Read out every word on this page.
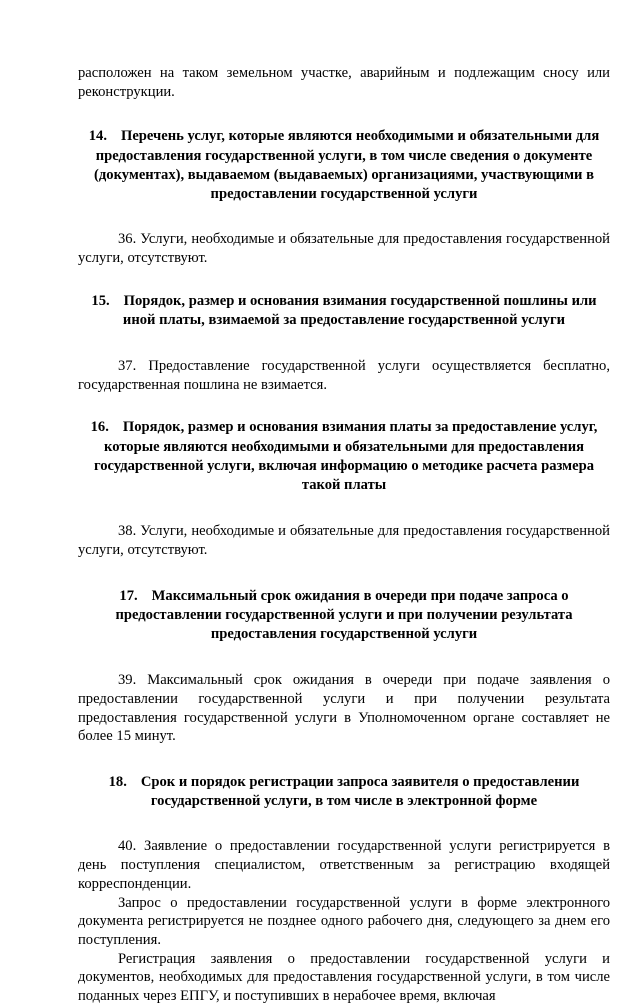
расположен на таком земельном участке, аварийным и подлежащим сносу или реконструкции.

14. Перечень услуг, которые являются необходимыми и обязательными для предоставления государственной услуги, в том числе сведения о документе (документах), выдаваемом (выдаваемых) организациями, участвующими в предоставлении государственной услуги

36. Услуги, необходимые и обязательные для предоставления государственной услуги, отсутствуют.

15. Порядок, размер и основания взимания государственной пошлины или иной платы, взимаемой за предоставление государственной услуги

37. Предоставление государственной услуги осуществляется бесплатно, государственная пошлина не взимается.

16. Порядок, размер и основания взимания платы за предоставление услуг, которые являются необходимыми и обязательными для предоставления государственной услуги, включая информацию о методике расчета размера такой платы

38. Услуги, необходимые и обязательные для предоставления государственной услуги, отсутствуют.

17. Максимальный срок ожидания в очереди при подаче запроса о предоставлении государственной услуги и при получении результата предоставления государственной услуги

39. Максимальный срок ожидания в очереди при подаче заявления о предоставлении государственной услуги и при получении результата предоставления государственной услуги в Уполномоченном органе составляет не более 15 минут.

18. Срок и порядок регистрации запроса заявителя о предоставлении государственной услуги, в том числе в электронной форме

40. Заявление о предоставлении государственной услуги регистрируется в день поступления специалистом, ответственным за регистрацию входящей корреспонденции.

Запрос о предоставлении государственной услуги в форме электронного документа регистрируется не позднее одного рабочего дня, следующего за днем его поступления.

Регистрация заявления о предоставлении государственной услуги и документов, необходимых для предоставления государственной услуги, в том числе поданных через ЕПГУ, и поступивших в нерабочее время, включая
